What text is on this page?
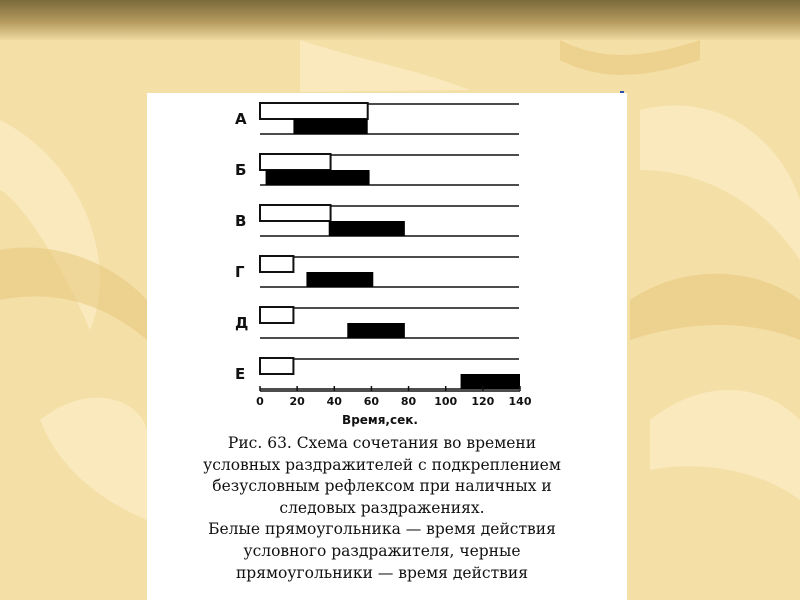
А
Б
В
Г
Д
Е
0 20 40 60 80 100 120 140
Время,сек.
Рис. 63. Схема сочетания во времени
условных раздражителей с подкреплением
безусловным рефлексом при наличных и
следовых раздражениях.
Белые прямоугольника — время действия
условного раздражителя, черные
прямоугольники — время действия
